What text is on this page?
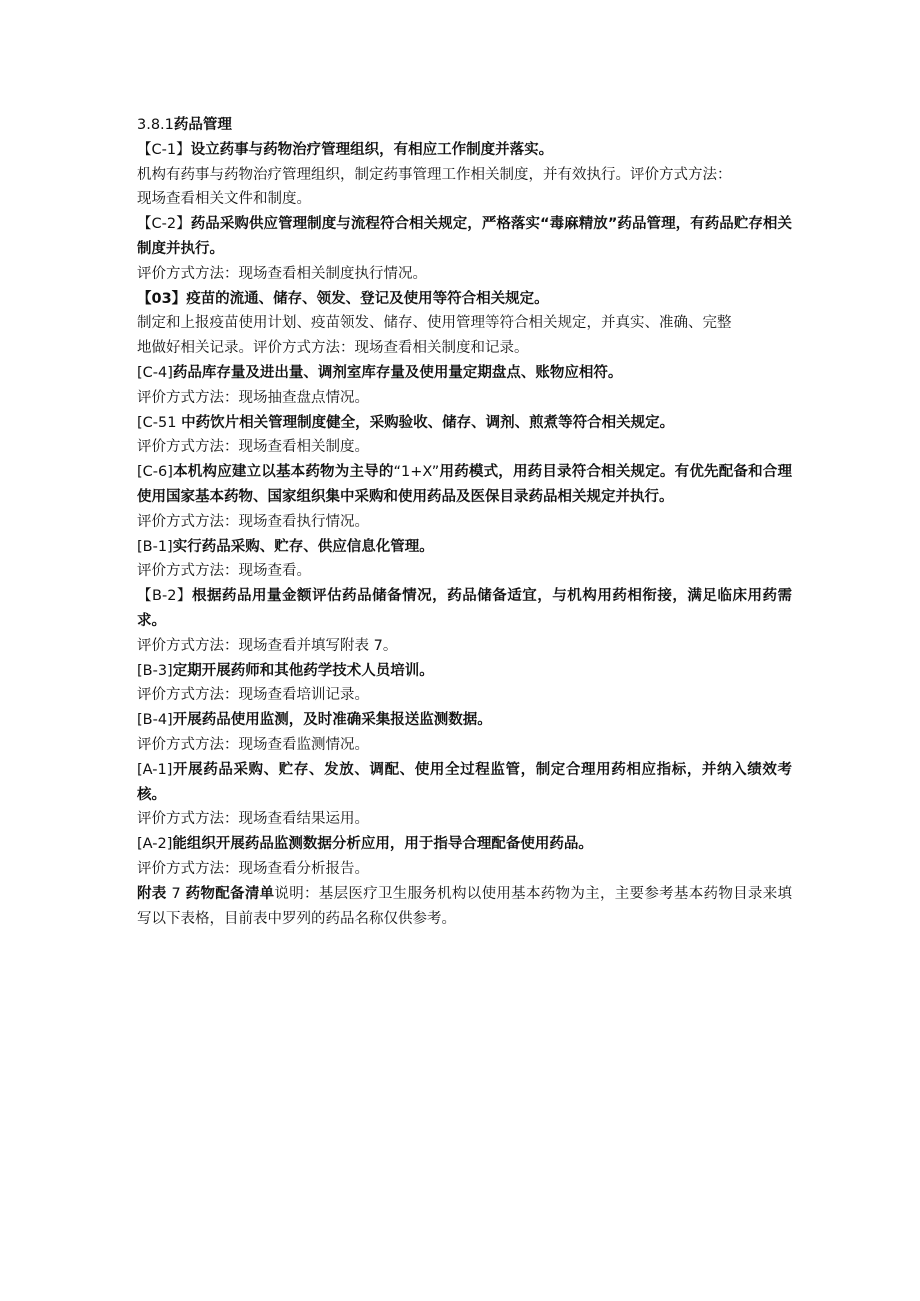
3.8.1药品管理
【C-1】设立药事与药物治疗管理组织，有相应工作制度并落实。
机构有药事与药物治疗管理组织，制定药事管理工作相关制度，并有效执行。评价方式方法：
现场查看相关文件和制度。
【C-2】药品采购供应管理制度与流程符合相关规定，严格落实“毒麻精放”药品管理，有药品贮存相关制度并执行。
评价方式方法：现场查看相关制度执行情况。
【03】疫苗的流通、储存、领发、登记及使用等符合相关规定。
制定和上报疫苗使用计划、疫苗领发、储存、使用管理等符合相关规定，并真实、准确、完整
地做好相关记录。评价方式方法：现场查看相关制度和记录。
[C-4]药品库存量及进出量、调剂室库存量及使用量定期盘点、账物应相符。
评价方式方法：现场抽查盘点情况。
[C-51 中药饮片相关管理制度健全，采购验收、储存、调剂、煎煮等符合相关规定。
评价方式方法：现场查看相关制度。
[C-6]本机构应建立以基本药物为主导的“1+X”用药模式，用药目录符合相关规定。有优先配备和合理使用国家基本药物、国家组织集中采购和使用药品及医保目录药品相关规定并执行。
评价方式方法：现场查看执行情况。
[B-1]实行药品采购、贮存、供应信息化管理。
评价方式方法：现场查看。
【B-2】根据药品用量金额评估药品储备情况，药品储备适宜，与机构用药相衔接，满足临床用药需求。
评价方式方法：现场查看并填写附表 7。
[B-3]定期开展药师和其他药学技术人员培训。
评价方式方法：现场查看培训记录。
[B-4]开展药品使用监测，及时准确采集报送监测数据。
评价方式方法：现场查看监测情况。
[A-1]开展药品采购、贮存、发放、调配、使用全过程监管，制定合理用药相应指标，并纳入绩效考核。
评价方式方法：现场查看结果运用。
[A-2]能组织开展药品监测数据分析应用，用于指导合理配备使用药品。
评价方式方法：现场查看分析报告。
附表 7 药物配备清单说明：基层医疗卫生服务机构以使用基本药物为主，主要参考基本药物目录来填写以下表格，目前表中罗列的药品名称仅供参考。
